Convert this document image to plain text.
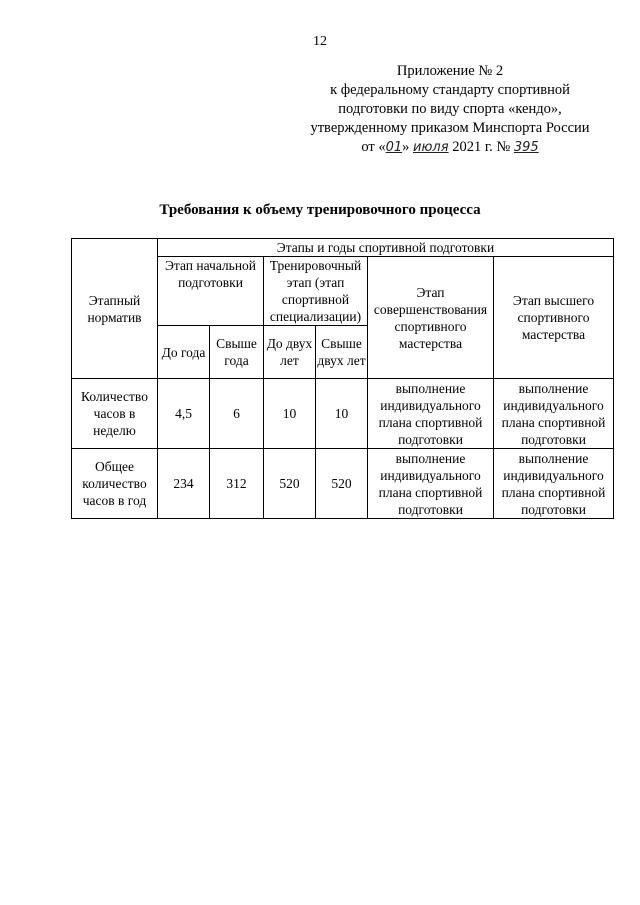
12
Приложение № 2
к федеральному стандарту спортивной
подготовки по виду спорта «кендо»,
утвержденному приказом Минспорта России
от «01» июля 2021 г. № 395
Требования к объему тренировочного процесса
Этапный норматив	Этапы и годы спортивной подготовки					
	Этап начальной подготовки		Тренировочный этап (этап спортивной специализации)		Этап совершенствования спортивного мастерства	Этап высшего спортивного мастерства
	До года	Свыше года	До двух лет	Свыше двух лет		
Количество часов в неделю	4,5	6	10	10	выполнение индивидуального плана спортивной подготовки	выполнение индивидуального плана спортивной подготовки
Общее количество часов в год	234	312	520	520	выполнение индивидуального плана спортивной подготовки	выполнение индивидуального плана спортивной подготовки
